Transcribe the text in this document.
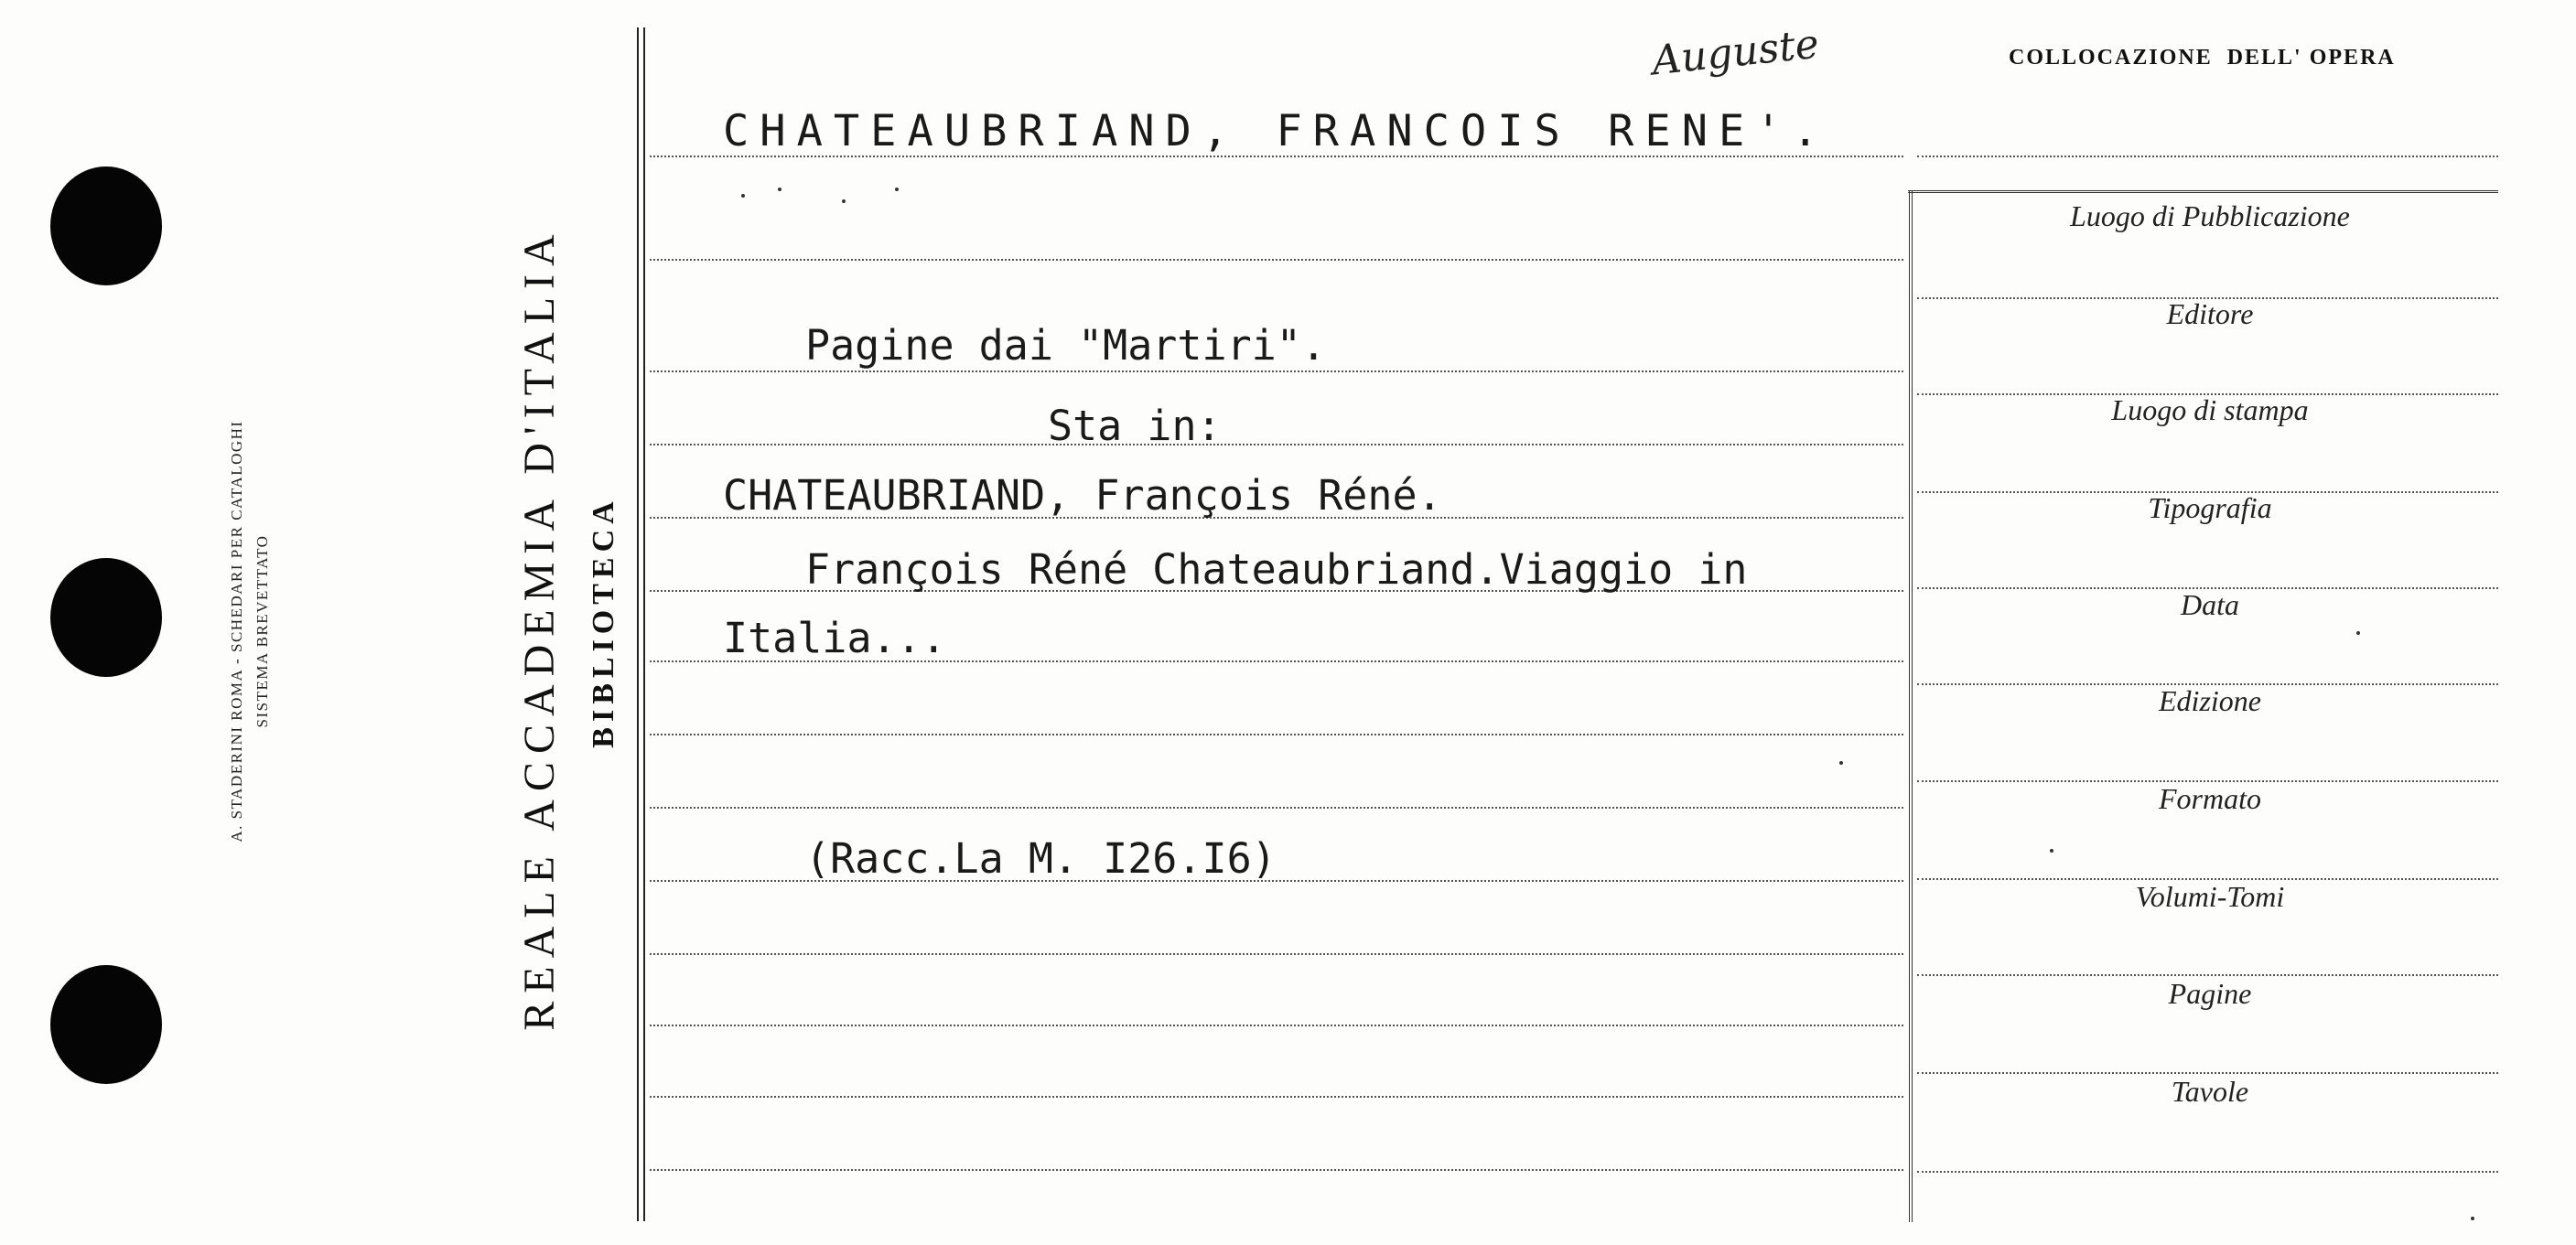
A. STADERINI ROMA - SCHEDARI PER CATALOGHI SISTEMA BREVETTATO	REALE ACCADEMIA D'ITALIA BIBLIOTECA
CHATEAUBRIAND, FRANCOIS RENE'.
Auguste
Pagine dai "Martiri".
Sta in:
CHATEAUBRIAND, François Réné.
François Réné Chateaubriand.Viaggio in
Italia...
(Racc.La M. I26.I6)
COLLOCAZIONE  DELL' OPERA
Luogo di Pubblicazione
Editore
Luogo di stampa
Tipografia
Data
Edizione
Formato
Volumi-Tomi
Pagine
Tavole
